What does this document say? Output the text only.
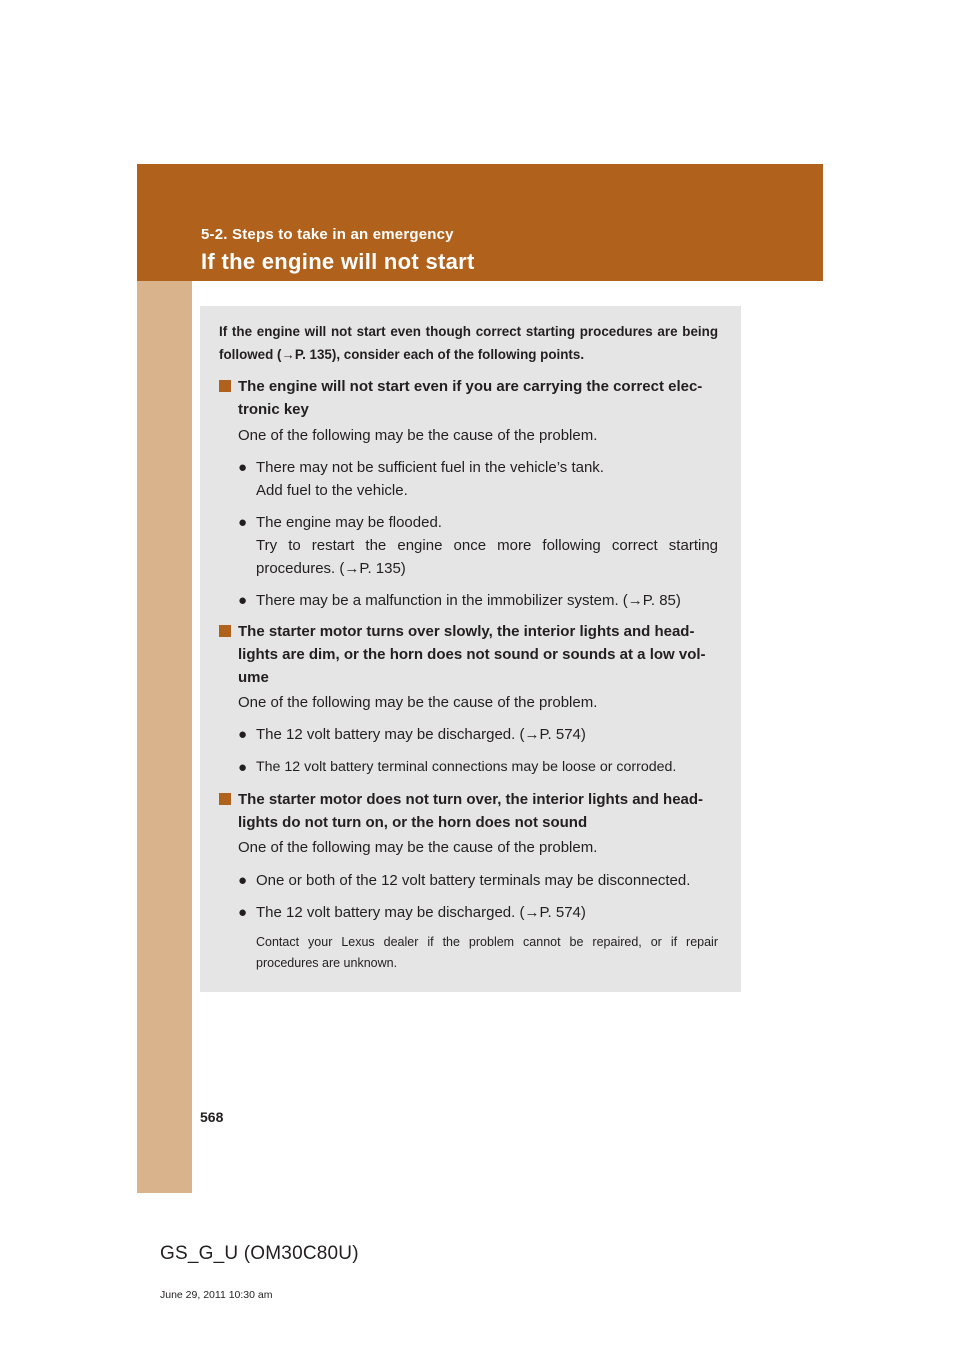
5-2. Steps to take in an emergency
If the engine will not start
If the engine will not start even though correct starting procedures are being followed (→P. 135), consider each of the following points.
The engine will not start even if you are carrying the correct elec-tronic key
One of the following may be the cause of the problem.
● There may not be sufficient fuel in the vehicle’s tank.
Add fuel to the vehicle.
● The engine may be flooded.
Try to restart the engine once more following correct starting procedures. (→P. 135)
● There may be a malfunction in the immobilizer system. (→P. 85)
The starter motor turns over slowly, the interior lights and head-lights are dim, or the horn does not sound or sounds at a low vol-ume
One of the following may be the cause of the problem.
● The 12 volt battery may be discharged. (→P. 574)
● The 12 volt battery terminal connections may be loose or corroded.
The starter motor does not turn over, the interior lights and head-lights do not turn on, or the horn does not sound
One of the following may be the cause of the problem.
● One or both of the 12 volt battery terminals may be disconnected.
● The 12 volt battery may be discharged. (→P. 574)
Contact your Lexus dealer if the problem cannot be repaired, or if repair procedures are unknown.
568
GS_G_U (OM30C80U)
June 29, 2011 10:30 am
